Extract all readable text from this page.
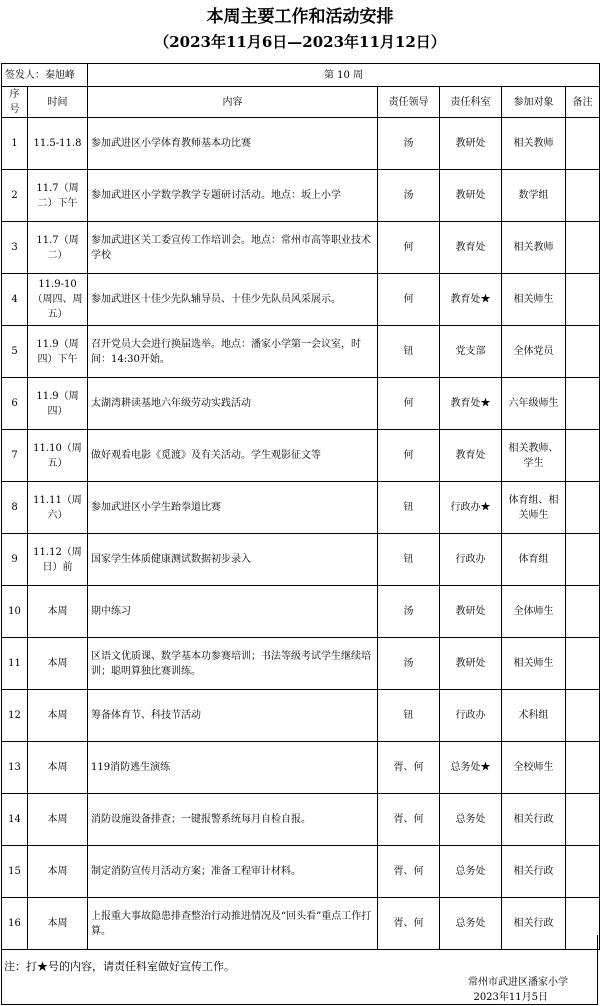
本周主要工作和活动安排
（2023年11月6日—2023年11月12日）
签发人：秦旭峰		第 10 周				
序号	时间	内容	责任领导	责任科室	参加对象	备注
1	11.5-11.8	参加武进区小学体育教师基本功比赛	汤	教研处	相关教师	
2	11.7（周二）下午	参加武进区小学数学教学专题研讨活动。地点：坂上小学	汤	教研处	数学组	
3	11.7（周二）	参加武进区关工委宣传工作培训会。地点：常州市高等职业技术学校	何	教育处	相关教师	
4	11.9-10（周四、周五）	参加武进区十佳少先队辅导员、十佳少先队员风采展示。	何	教育处★	相关师生	
5	11.9（周四）下午	召开党员大会进行换届选举。地点：潘家小学第一会议室，时间：14:30开始。	钮	党支部	全体党员	
6	11.9（周四）	太湖湾耕读基地六年级劳动实践活动	何	教育处★	六年级师生	
7	11.10（周五）	做好观看电影《觅渡》及有关活动。学生观影征文等	何	教育处	相关教师、学生	
8	11.11（周六）	参加武进区小学生跆拳道比赛	钮	行政办★	体育组、相关师生	
9	11.12（周日）前	国家学生体质健康测试数据初步录入	钮	行政办	体育组	
10	本周	期中练习	汤	教研处	全体师生	
11	本周	区语文优质课、数学基本功参赛培训；书法等级考试学生继续培训；聪明算独比赛训练。	汤	教研处	相关师生	
12	本周	筹备体育节、科技节活动	钮	行政办	术科组	
13	本周	119消防逃生演练	胥、何	总务处★	全校师生	
14	本周	消防设施设备排查；一键报警系统每月自检自报。	胥、何	总务处	相关行政	
15	本周	制定消防宣传月活动方案；准备工程审计材料。	胥、何	总务处	相关行政	
16	本周	上报重大事故隐患排查整治行动推进情况及“回头看”重点工作打算。	胥、何	总务处	相关行政	
注：打★号的内容，请责任科室做好宣传工作。
常州市武进区潘家小学
2023年11月5日
